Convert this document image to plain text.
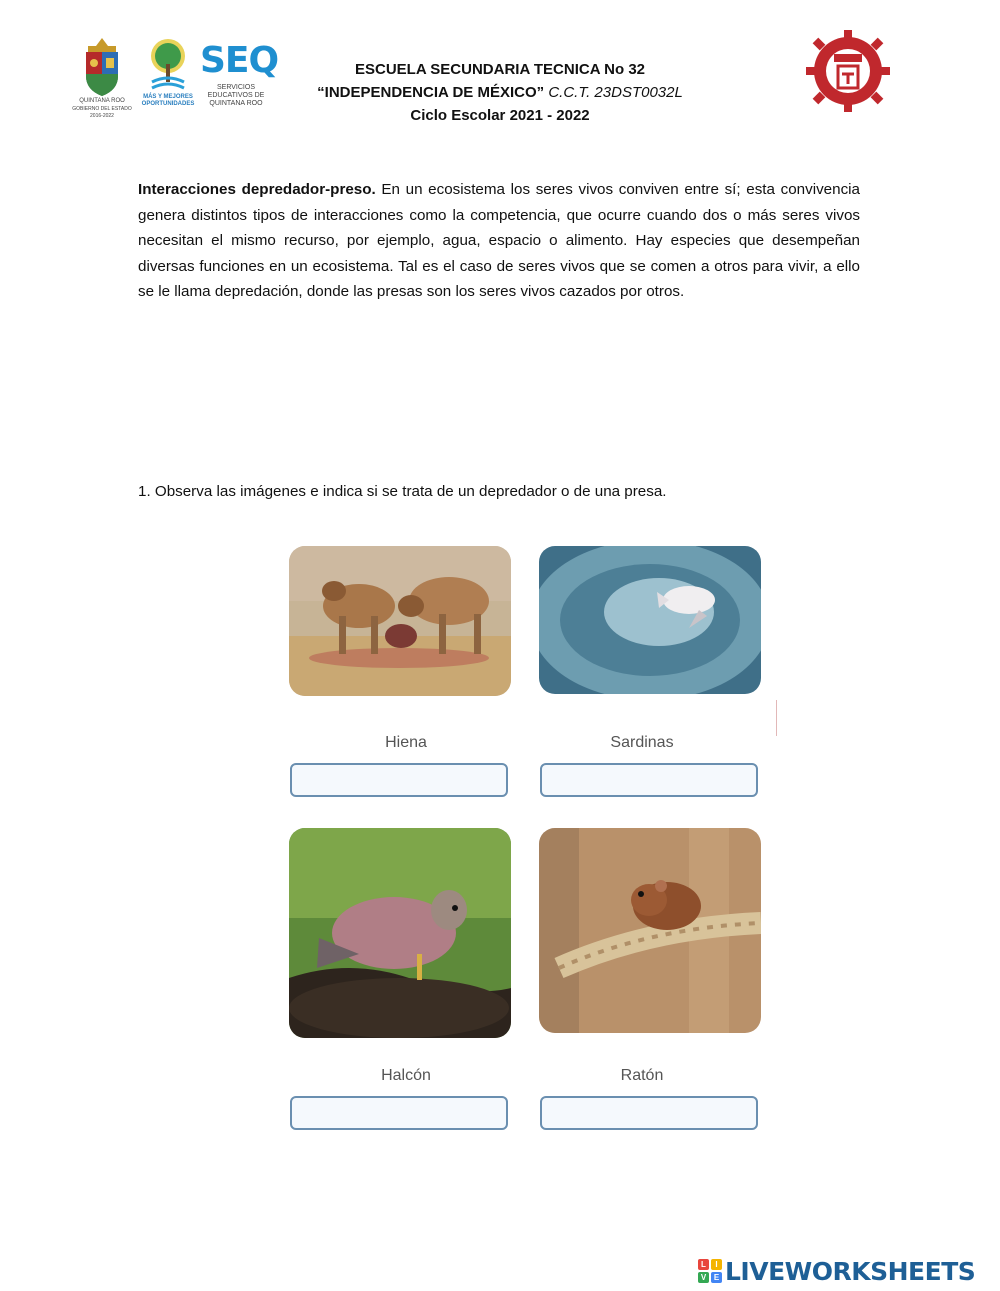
QUINTANA ROO
GOBIERNO DEL ESTADO 2016-2022
MÁS Y MEJORES OPORTUNIDADES
SEQ
SERVICIOS EDUCATIVOS DE QUINTANA ROO
ESCUELA SECUNDARIA TECNICA No 32
“INDEPENDENCIA DE MÉXICO” C.C.T. 23DST0032L
Ciclo Escolar 2021 - 2022
Interacciones depredador-preso. En un ecosistema los seres vivos conviven entre sí; esta convivencia genera distintos tipos de interacciones como la competencia, que ocurre cuando dos o más seres vivos necesitan el mismo recurso, por ejemplo, agua, espacio o alimento. Hay especies que desempeñan diversas funciones en un ecosistema. Tal es el caso de seres vivos que se comen a otros para vivir, a ello se le llama depredación, donde las presas son los seres vivos cazados por otros.
1. Observa las imágenes e indica si se trata de un depredador o de una presa.
Hiena	Sardinas
Halcón	Ratón
L	I
V E LIVEWORKSHEETS
